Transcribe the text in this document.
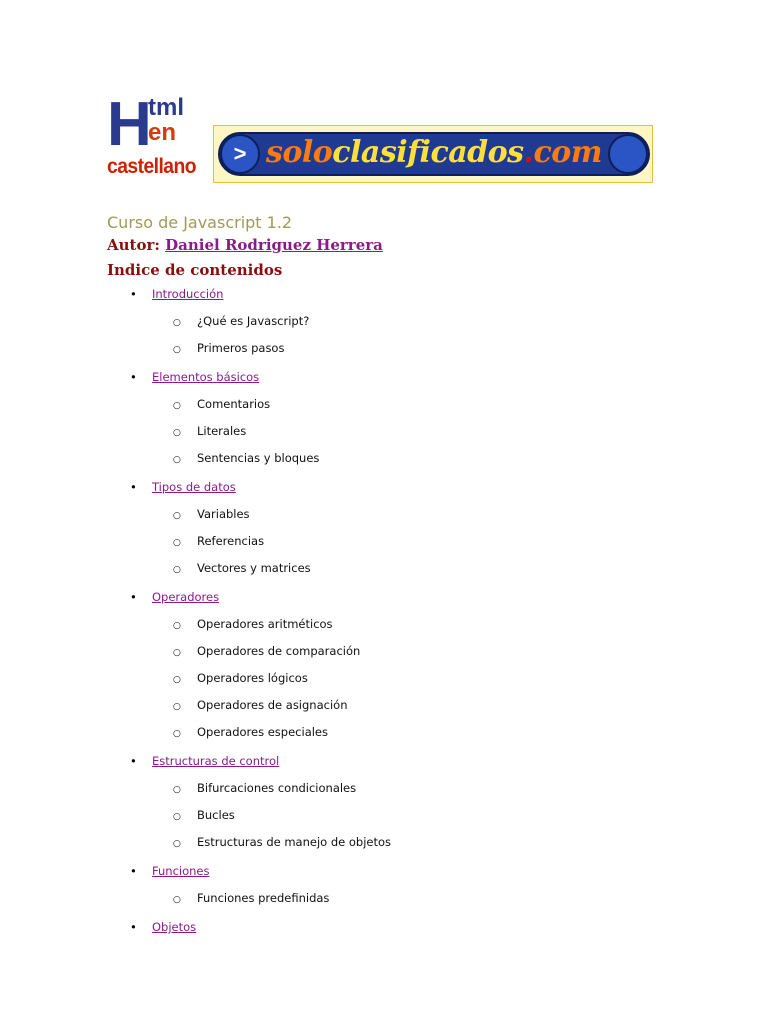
H
tml
en
castellano
> soloclasificados.com
Curso de Javascript 1.2

Autor: Daniel Rodriguez Herrera

Indice de contenidos
• Introducción
○ ¿Qué es Javascript?
○ Primeros pasos
• Elementos básicos
○ Comentarios
○ Literales
○ Sentencias y bloques
• Tipos de datos
○ Variables
○ Referencias
○ Vectores y matrices
• Operadores
○ Operadores aritméticos
○ Operadores de comparación
○ Operadores lógicos
○ Operadores de asignación
○ Operadores especiales
• Estructuras de control
○ Bifurcaciones condicionales
○ Bucles
○ Estructuras de manejo de objetos
• Funciones
○ Funciones predefinidas
• Objetos
